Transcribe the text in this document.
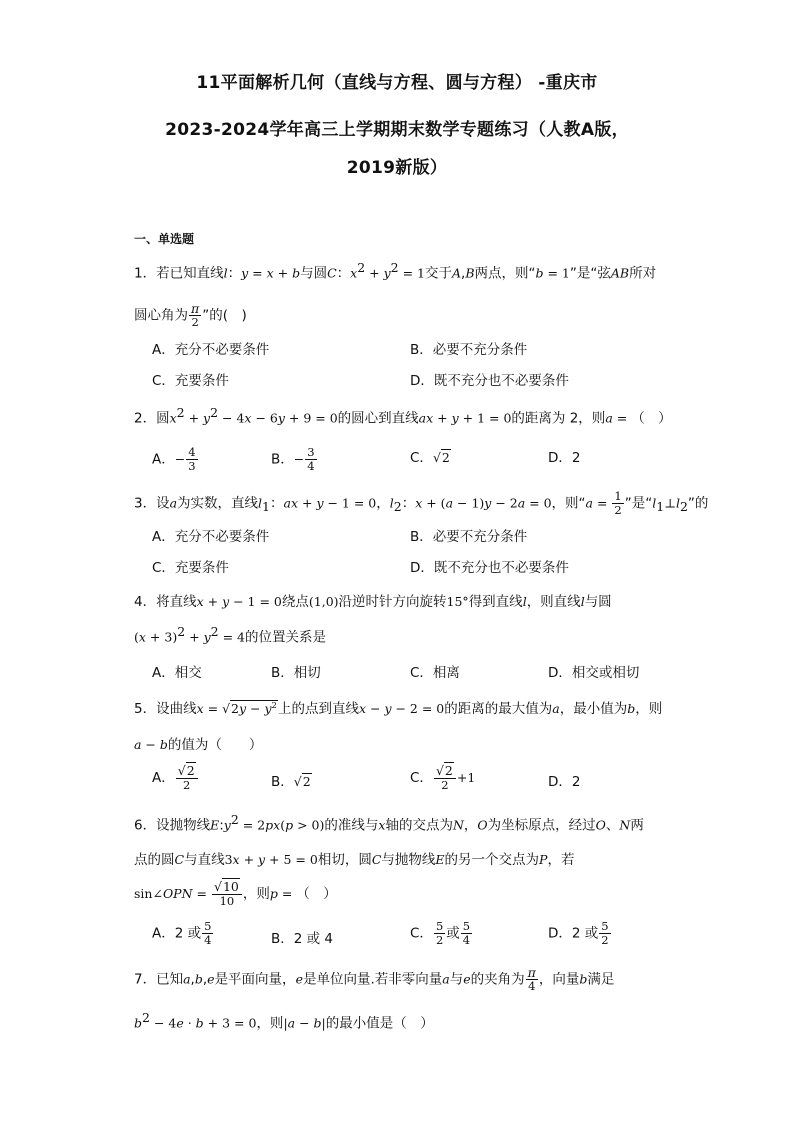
11平面解析几何（直线与方程、圆与方程） -重庆市
2023-2024学年高三上学期期末数学专题练习（人教A版，
2019新版）
一、单选题
1．若已知直线l：y = x + b与圆C：$x^2 + y^2 = 1$交于A,B两点，则“b = 1”是“弦AB所对
圆心角为 $\frac{\pi}{2}$ ”的(　)
A．充分不必要条件	B．必要不充分条件
C．充要条件	D．既不充分也不必要条件
2．圆$x^2 + y^2 - 4x - 6y + 9 = 0$的圆心到直线ax + y + 1 = 0的距离为 2，则a = （　）
A．− $\frac{4}{3}$	B．− $\frac{3}{4}$	C．√2	D．2
3．设a为实数，直线$l_1$：ax + y − 1 = 0，$l_2$：x + (a − 1)y − 2a = 0，则“$a = \frac{1}{2}$ ”是“$l_1\perp l_2$”的
A．充分不必要条件	B．必要不充分条件
C．充要条件	D．既不充分也不必要条件
4．将直线x + y − 1 = 0绕点(1,0)沿逆时针方向旋转15°得到直线l，则直线l与圆
$(x + 3)^2 + y^2 = 4$的位置关系是
A．相交	B．相切	C．相离	D．相交或相切
5．设曲线$x = √2y - y^2$上的点到直线x − y − 2 = 0的距离的最大值为a，最小值为b，则
a − b的值为（　　）
A． $\frac{√2}{2}$	B．√2	C． $\frac{√2}{2} +1$	D．2
6．设抛物线$E:y^2 = 2px(p > 0)$的准线与x轴的交点为N，O为坐标原点，经过O、N两
点的圆C与直线3x + y + 5 = 0相切，圆C与抛物线E的另一个交点为P，若
sin∠OPN = $\frac{√10}{10}$ ，则p = （　）
A．2 或 $\frac{5}{4}$	B．2 或 4	C． $\frac{5}{2}$ 或 $\frac{5}{4}$	D．2 或 $\frac{5}{2}$
7．已知a,b,e是平面向量，e是单位向量.若非零向量a与e的夹角为 $\frac{\pi}{4}$ ，向量b满足
$b^2 - 4e \cdot b + 3 = 0$，则|a − b|的最小值是（　）
